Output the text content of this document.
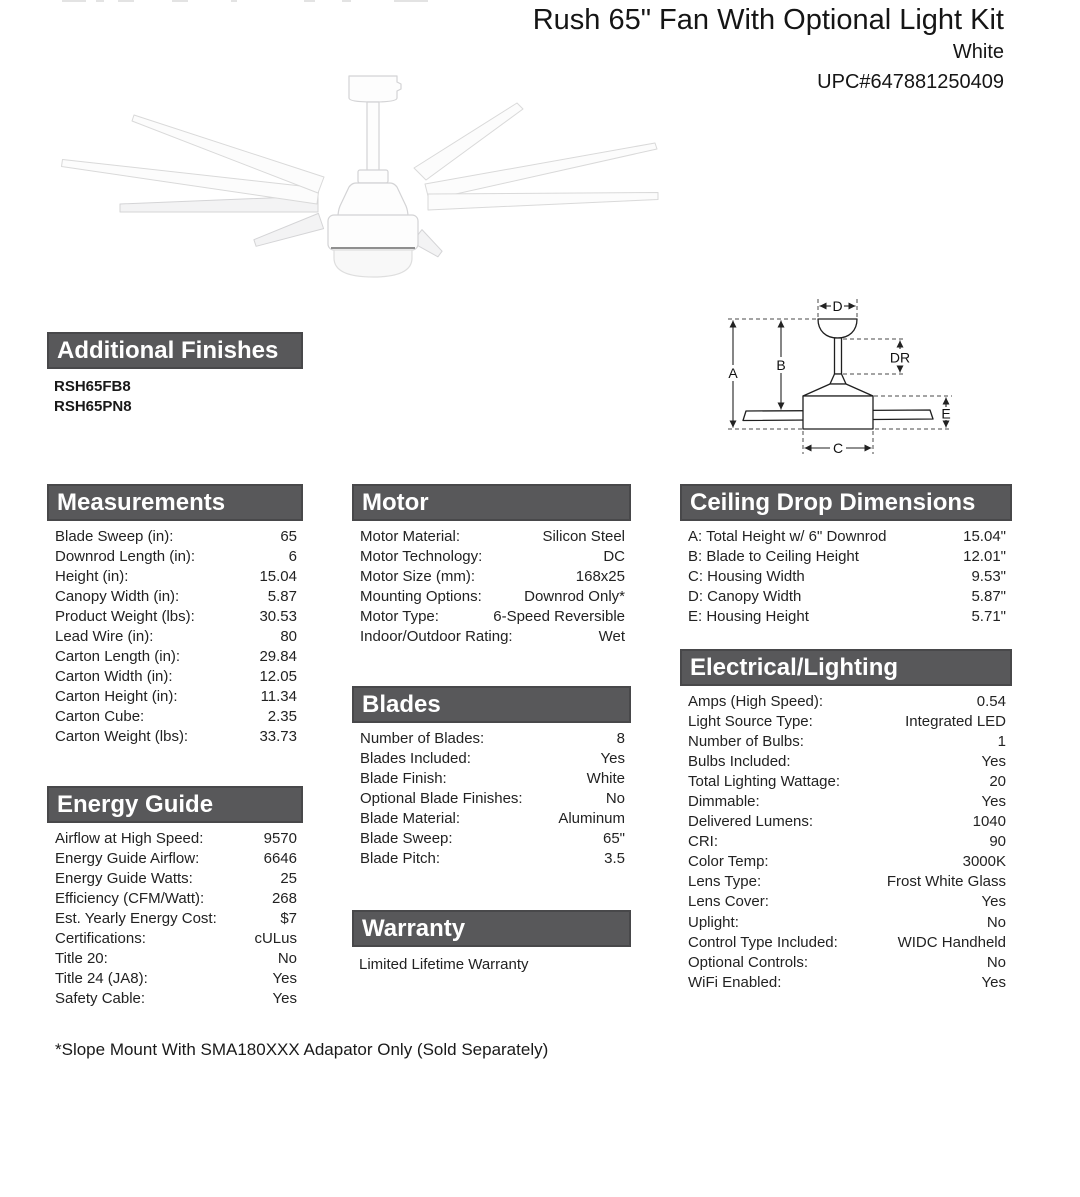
Rush 65" Fan With Optional Light Kit
White
UPC#647881250409
A	B
C
D
DR
E
Additional Finishes
RSH65FB8
RSH65PN8
Measurements
Blade Sweep (in):	65
Downrod Length (in):	6
Height (in):	15.04
Canopy Width (in):	5.87
Product Weight (lbs):	30.53
Lead Wire (in):	80
Carton Length (in):	29.84
Carton Width (in):	12.05
Carton Height (in):	11.34
Carton Cube:	2.35
Carton Weight (lbs):	33.73
Energy Guide
Airflow at High Speed:	9570
Energy Guide Airflow:	6646
Energy Guide Watts:	25
Efficiency (CFM/Watt):	268
Est. Yearly Energy Cost:	$7
Certifications:	cULus
Title 20:	No
Title 24 (JA8):	Yes
Safety Cable:	Yes
Motor
Motor Material:	Silicon Steel
Motor Technology:	DC
Motor Size (mm):	168x25
Mounting Options:	Downrod Only*
Motor Type:	6-Speed Reversible
Indoor/Outdoor Rating:	Wet
Blades
Number of Blades:	8
Blades Included:	Yes
Blade Finish:	White
Optional Blade Finishes:	No
Blade Material:	Aluminum
Blade Sweep:	65"
Blade Pitch:	3.5
Warranty
Limited Lifetime Warranty
Ceiling Drop Dimensions
A: Total Height w/ 6" Downrod	15.04"
B: Blade to Ceiling Height	12.01"
C: Housing Width	9.53"
D: Canopy Width	5.87"
E: Housing Height	5.71"
Electrical/Lighting
Amps (High Speed):	0.54
Light Source Type:	Integrated LED
Number of Bulbs:	1
Bulbs Included:	Yes
Total Lighting Wattage:	20
Dimmable:	Yes
Delivered Lumens:	1040
CRI:	90
Color Temp:	3000K
Lens Type:	Frost White Glass
Lens Cover:	Yes
Uplight:	No
Control Type Included:	WIDC Handheld
Optional Controls:	No
WiFi Enabled:	Yes
*Slope Mount With SMA180XXX Adapator Only (Sold Separately)
